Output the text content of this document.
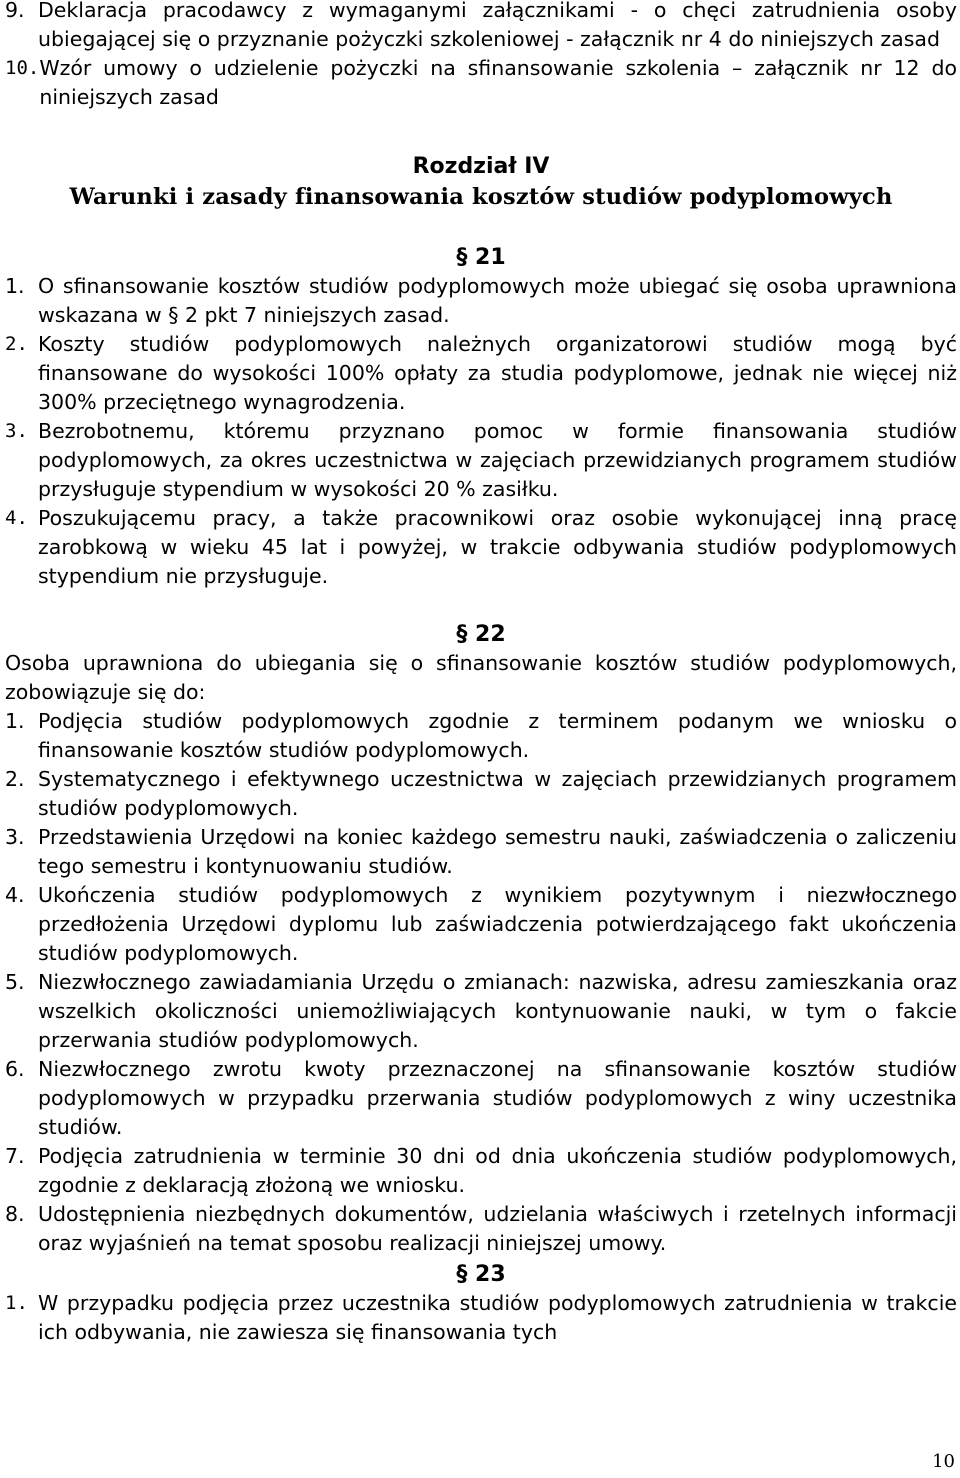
9. Deklaracja pracodawcy z wymaganymi załącznikami - o chęci zatrudnienia osoby ubiegającej się o przyznanie pożyczki szkoleniowej - załącznik nr 4 do niniejszych zasad
10. Wzór umowy o udzielenie pożyczki na sfinansowanie szkolenia – załącznik nr 12 do niniejszych zasad
Rozdział IV
Warunki i zasady finansowania kosztów studiów podyplomowych
§ 21
1. O sfinansowanie kosztów studiów podyplomowych może ubiegać się osoba uprawniona wskazana w § 2 pkt 7 niniejszych zasad.
2. Koszty studiów podyplomowych należnych organizatorowi studiów mogą być finansowane do wysokości 100% opłaty za studia podyplomowe, jednak nie więcej niż 300% przeciętnego wynagrodzenia.
3. Bezrobotnemu, któremu przyznano pomoc w formie finansowania studiów podyplomowych, za okres uczestnictwa w zajęciach przewidzianych programem studiów przysługuje stypendium w wysokości 20 % zasiłku.
4. Poszukującemu pracy, a także pracownikowi oraz osobie wykonującej inną pracę zarobkową w wieku 45 lat i powyżej, w trakcie odbywania studiów podyplomowych stypendium nie przysługuje.
§ 22
Osoba uprawniona do ubiegania się o sfinansowanie kosztów studiów podyplomowych, zobowiązuje się do:
1. Podjęcia studiów podyplomowych zgodnie z terminem podanym we wniosku o finansowanie kosztów studiów podyplomowych.
2. Systematycznego i efektywnego uczestnictwa w zajęciach przewidzianych programem studiów podyplomowych.
3. Przedstawienia Urzędowi na koniec każdego semestru nauki, zaświadczenia o zaliczeniu tego semestru i kontynuowaniu studiów.
4. Ukończenia studiów podyplomowych z wynikiem pozytywnym i niezwłocznego przedłożenia Urzędowi dyplomu lub zaświadczenia potwierdzającego fakt ukończenia studiów podyplomowych.
5. Niezwłocznego zawiadamiania Urzędu o zmianach: nazwiska, adresu zamieszkania oraz wszelkich okoliczności uniemożliwiających kontynuowanie nauki, w tym o fakcie przerwania studiów podyplomowych.
6. Niezwłocznego zwrotu kwoty przeznaczonej na sfinansowanie kosztów studiów podyplomowych w przypadku przerwania studiów podyplomowych z winy uczestnika studiów.
7. Podjęcia zatrudnienia w terminie 30 dni od dnia ukończenia studiów podyplomowych, zgodnie z deklaracją złożoną we wniosku.
8. Udostępnienia niezbędnych dokumentów, udzielania właściwych i rzetelnych informacji oraz wyjaśnień na temat sposobu realizacji niniejszej umowy.
§ 23
1. W przypadku podjęcia przez uczestnika studiów podyplomowych zatrudnienia w trakcie ich odbywania, nie zawiesza się finansowania tych
10
